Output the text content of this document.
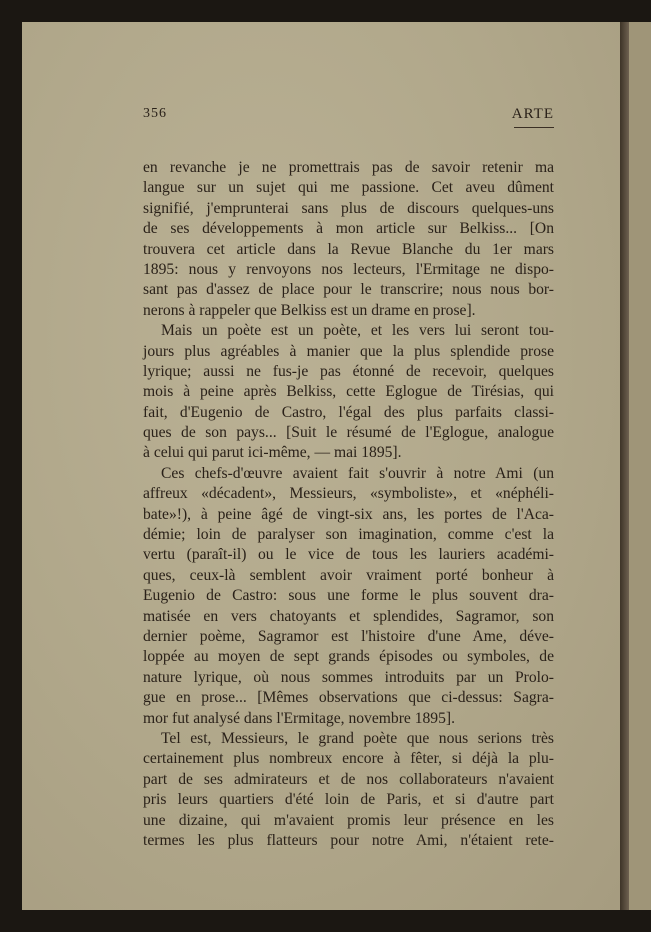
356	ARTE
en revanche je ne promettrais pas de savoir retenir ma
langue sur un sujet qui me passione. Cet aveu dûment
signifié, j'emprunterai sans plus de discours quelques-uns
de ses développements à mon article sur Belkiss... [On
trouvera cet article dans la Revue Blanche du 1er mars
1895: nous y renvoyons nos lecteurs, l'Ermitage ne dispo-
sant pas d'assez de place pour le transcrire; nous nous bor-
nerons à rappeler que Belkiss est un drame en prose].
Mais un poète est un poète, et les vers lui seront tou-
jours plus agréables à manier que la plus splendide prose
lyrique; aussi ne fus-je pas étonné de recevoir, quelques
mois à peine après Belkiss, cette Eglogue de Tirésias, qui
fait, d'Eugenio de Castro, l'égal des plus parfaits classi-
ques de son pays... [Suit le résumé de l'Eglogue, analogue
à celui qui parut ici-même, — mai 1895].
Ces chefs-d'œuvre avaient fait s'ouvrir à notre Ami (un
affreux «décadent», Messieurs, «symboliste», et «néphéli-
bate»!), à peine âgé de vingt-six ans, les portes de l'Aca-
démie; loin de paralyser son imagination, comme c'est la
vertu (paraît-il) ou le vice de tous les lauriers académi-
ques, ceux-là semblent avoir vraiment porté bonheur à
Eugenio de Castro: sous une forme le plus souvent dra-
matisée en vers chatoyants et splendides, Sagramor, son
dernier poème, Sagramor est l'histoire d'une Ame, déve-
loppée au moyen de sept grands épisodes ou symboles, de
nature lyrique, où nous sommes introduits par un Prolo-
gue en prose... [Mêmes observations que ci-dessus: Sagra-
mor fut analysé dans l'Ermitage, novembre 1895].
Tel est, Messieurs, le grand poète que nous serions très
certainement plus nombreux encore à fêter, si déjà la plu-
part de ses admirateurs et de nos collaborateurs n'avaient
pris leurs quartiers d'été loin de Paris, et si d'autre part
une dizaine, qui m'avaient promis leur présence en les
termes les plus flatteurs pour notre Ami, n'étaient rete-
